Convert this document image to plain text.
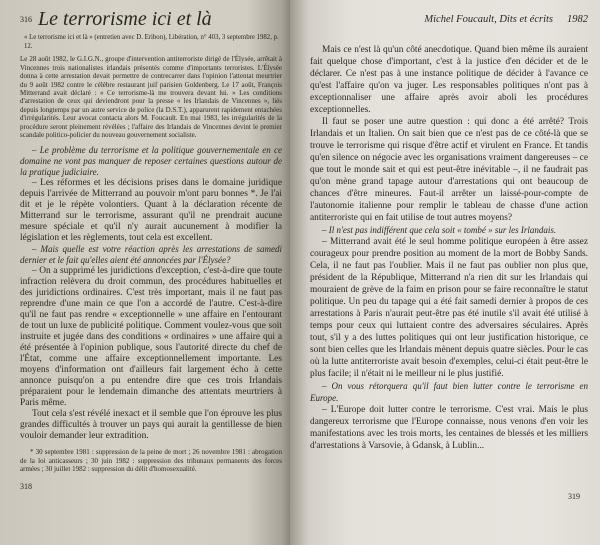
316 Le terrorisme ici et là
« Le terrorisme ici et là » (entretien avec D. Eribon), Libération, n° 403, 3 septembre 1982, p. 12.
Le 28 août 1982, le G.I.G.N., groupe d'intervention antiterroriste dirigé de l'Élysée, arrêtait à Vincennes trois nationalistes irlandais présentés comme d'importants terroristes. L'Élysée donna à cette arrestation devait permettre de contrecarrer dans l'opinion l'attentat meurtrier du 9 août 1982 contre le célèbre restaurant juif parisien Goldenberg. Le 17 août, François Mitterrand avait déclaré : « Ce terrorisme-là me trouvera devant lui. » Les conditions d'arrestation de ceux qui deviendront pour la presse « les Irlandais de Vincennes », liés depuis longtemps par un autre service de police (la D.S.T.), apparurent rapidement entachées d'irrégularités. Leur avocat contacta alors M. Foucault. En mai 1983, les irrégularités de la procédure seront pleinement révélées ; l'affaire des Irlandais de Vincennes devint le premier scandale politico-policier du nouveau gouvernement socialiste.

– Le problème du terrorisme et la politique gouvernementale en ce domaine ne vont pas manquer de reposer certaines questions autour de la pratique judiciaire.

– Les réformes et les décisions prises dans le domaine juridique depuis l'arrivée de Mitterrand au pouvoir m'ont paru bonnes *. Je l'ai dit et je le répète volontiers. Quant à la déclaration récente de Mitterrand sur le terrorisme, assurant qu'il ne prendrait aucune mesure spéciale et qu'il n'y aurait aucunement à modifier la législation et les règlements, tout cela est excellent.

– Mais quelle est votre réaction après les arrestations de samedi dernier et le fait qu'elles aient été annoncées par l'Élysée?

– On a supprimé les juridictions d'exception, c'est-à-dire que toute infraction relèvera du droit commun, des procédures habituelles et des juridictions ordinaires. C'est très important, mais il ne faut pas reprendre d'une main ce que l'on a accordé de l'autre. C'est-à-dire qu'il ne faut pas rendre « exceptionnelle » une affaire en l'entourant de tout un luxe de publicité politique. Comment voulez-vous que soit instruite et jugée dans des conditions « ordinaires » une affaire qui a été présentée à l'opinion publique, sous l'autorité directe du chef de l'État, comme une affaire exceptionnellement importante. Les moyens d'information ont d'ailleurs fait largement écho à cette annonce puisqu'on a pu entendre dire que ces trois Irlandais préparaient pour le lendemain dimanche des attentats meurtriers à Paris même.

Tout cela s'est révélé inexact et il semble que l'on éprouve les plus grandes difficultés à trouver un pays qui aurait la gentillesse de bien vouloir demander leur extradition.

* 30 septembre 1981 : suppression de la peine de mort ; 26 novembre 1981 : abrogation de la loi anticasseurs ; 30 juin 1982 : suppression des tribunaux permanents des forces armées ; 30 juillet 1982 : suppression du délit d'homosexualité.
318
Michel Foucault, Dits et écrits 1982

Mais ce n'est là qu'un côté anecdotique. Quand bien même ils auraient fait quelque chose d'important, c'est à la justice d'en décider et de le déclarer. Ce n'est pas à une instance politique de décider à l'avance ce qu'est l'affaire qu'on va juger. Les responsables politiques n'ont pas à exceptionnaliser une affaire après avoir aboli les procédures exceptionnelles.

Il faut se poser une autre question : qui donc a été arrêté? Trois Irlandais et un Italien. On sait bien que ce n'est pas de ce côté-là que se trouve le terrorisme qui risque d'être actif et virulent en France. Et tandis qu'en silence on négocie avec les organisations vraiment dangereuses – ce que tout le monde sait et qui est peut-être inévitable –, il ne faudrait pas qu'on mène grand tapage autour d'arrestations qui ont beaucoup de chances d'être mineures. Faut-il arrêter un laissé-pour-compte de l'autonomie italienne pour remplir le tableau de chasse d'une action antiterroriste qui en fait utilise de tout autres moyens?

– Il n'est pas indifférent que cela soit « tombé » sur les Irlandais.

– Mitterrand avait été le seul homme politique européen à être assez courageux pour prendre position au moment de la mort de Bobby Sands. Cela, il ne faut pas l'oublier. Mais il ne faut pas oublier non plus que, président de la République, Mitterrand n'a rien dit sur les Irlandais qui mouraient de grève de la faim en prison pour se faire reconnaître le statut politique. Un peu du tapage qui a été fait samedi dernier à propos de ces arrestations à Paris n'aurait peut-être pas été inutile s'il avait été utilisé à temps pour ceux qui luttaient contre des adversaires séculaires. Après tout, s'il y a des luttes politiques qui ont leur justification historique, ce sont bien celles que les Irlandais mènent depuis quatre siècles. Pour le cas où la lutte antiterroriste avait besoin d'exemples, celui-ci était peut-être le plus facile; il n'était ni le meilleur ni le plus justifié.

– On vous rétorquera qu'il faut bien lutter contre le terrorisme en Europe.

– L'Europe doit lutter contre le terrorisme. C'est vrai. Mais le plus dangereux terrorisme que l'Europe connaisse, nous venons d'en voir les manifestations avec les trois morts, les centaines de blessés et les milliers d'arrestations à Varsovie, à Gdansk, à Lublin...

319
